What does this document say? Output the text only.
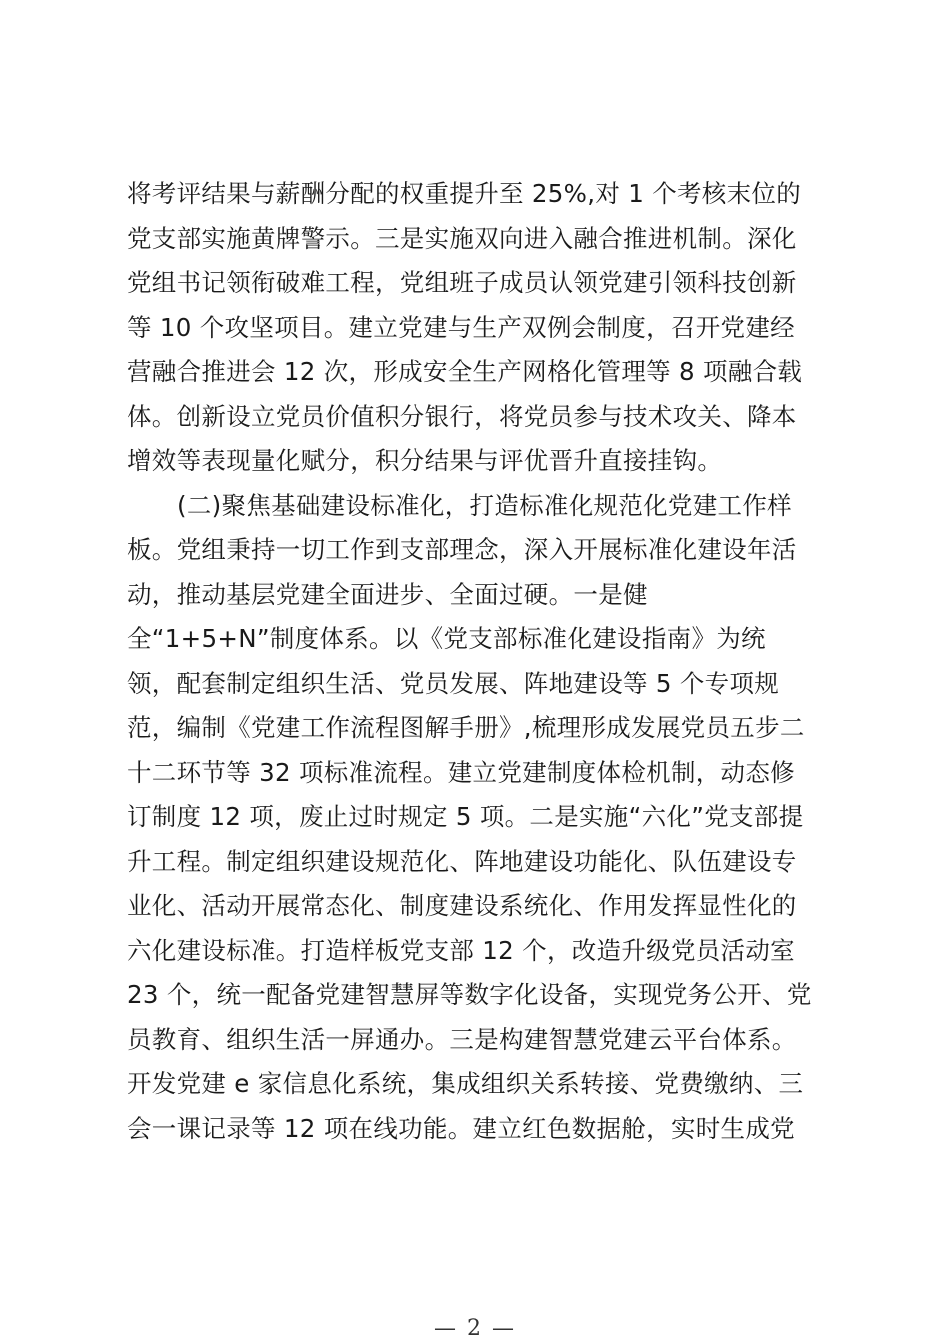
将考评结果与薪酬分配的权重提升至 25%,对 1 个考核末位的
党支部实施黄牌警示。三是实施双向进入融合推进机制。深化
党组书记领衔破难工程，党组班子成员认领党建引领科技创新
等 10 个攻坚项目。建立党建与生产双例会制度，召开党建经
营融合推进会 12 次，形成安全生产网格化管理等 8 项融合载
体。创新设立党员价值积分银行，将党员参与技术攻关、降本
增效等表现量化赋分，积分结果与评优晋升直接挂钩。
(二)聚焦基础建设标准化，打造标准化规范化党建工作样
板。党组秉持一切工作到支部理念，深入开展标准化建设年活
动，推动基层党建全面进步、全面过硬。一是健
全“1+5+N”制度体系。以《党支部标准化建设指南》为统
领，配套制定组织生活、党员发展、阵地建设等 5 个专项规
范，编制《党建工作流程图解手册》,梳理形成发展党员五步二
十二环节等 32 项标准流程。建立党建制度体检机制，动态修
订制度 12 项，废止过时规定 5 项。二是实施“六化”党支部提
升工程。制定组织建设规范化、阵地建设功能化、队伍建设专
业化、活动开展常态化、制度建设系统化、作用发挥显性化的
六化建设标准。打造样板党支部 12 个，改造升级党员活动室
23 个，统一配备党建智慧屏等数字化设备，实现党务公开、党
员教育、组织生活一屏通办。三是构建智慧党建云平台体系。
开发党建 e 家信息化系统，集成组织关系转接、党费缴纳、三
会一课记录等 12 项在线功能。建立红色数据舱，实时生成党
— 2 —
